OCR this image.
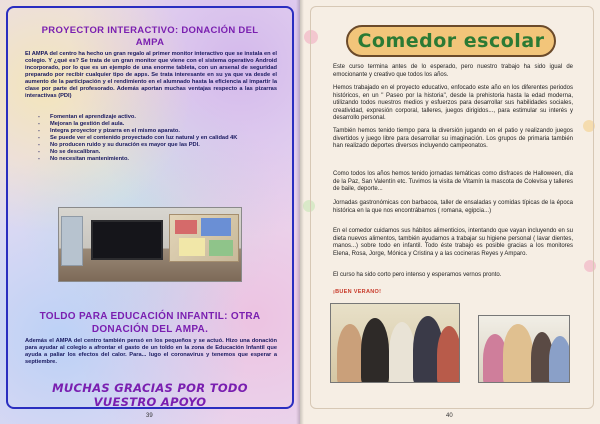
PROYECTOR INTERACTIVO: DONACIÓN DEL
AMPA
El AMPA del centro ha hecho un gran regalo al primer monitor interactivo que se instala en el colegio. Y ¿qué es? Se trata de un gran monitor que viene con el sistema operativo Android incorporado, por lo que es un ejemplo de una enorme tableta, con un arsenal de seguridad preparado por recibir cualquier tipo de apps. Se trata interesante en su ya que va desde el aumento de la participación y el rendimiento en el alumnado hasta la eficiencia al impartir la clase por parte del profesorado. Además aportan muchas ventajas respecto a las pizarras interactivas (PDI)
- Fomentan el aprendizaje activo.
- Mejoran la gestión del aula.
- Integra proyector y pizarra en el mismo aparato.
- Se puede ver el contenido proyectado con luz natural y en calidad 4K
- No producen ruido y su duración es mayor que las PDI.
- No se descalibran.
- No necesitan mantenimiento.
TOLDO PARA EDUCACIÓN INFANTIL: OTRA
DONACIÓN DEL AMPA.
Además el AMPA del centro también pensó en los pequeños y se actuó. Hizo una donación para ayudar al colegio a afrontar el gasto de un toldo en la zona de Educación Infantil que ayuda a paliar los efectos del calor. Para... lugo el coronavirus y tenemos que esperar a septiembre.
MUCHAS GRACIAS POR TODO VUESTRO APOYO
39
Comedor escolar
Este curso termina antes de lo esperado, pero nuestro trabajo ha sido igual de emocionante y creativo que todos los años.
Hemos trabajado en el proyecto educativo, enfocado este año en los diferentes periodos históricos, en un " Paseo por la historia", desde la prehistoria hasta la edad moderna, utilizando todos nuestros medios y esfuerzos para desarrollar sus habilidades sociales, creatividad, expresión corporal, talleres, juegos dirigidos..., para estimular su interés y desarrollo personal.
También hemos tenido tiempo para la diversión jugando en el patio y realizando juegos divertidos y juego libre para desarrollar su imaginación. Los grupos de primaria también han realizado deportes diversos incluyendo campeonatos.
Como todos los años hemos tenido jornadas temáticas como disfraces de Halloween, día de la Paz, San Valentín etc. Tuvimos la visita de Vitamín la mascota de Colevisa y talleres de baile, deporte...
Jornadas gastronómicas con barbacoa, taller de ensaladas y comidas típicas de la época histórica en la que nos encontrábamos ( romana, egipcia...)
En el comedor cuidamos sus hábitos alimenticios, intentando que vayan incluyendo en su dieta nuevos alimentos, también ayudamos a trabajar su higiene personal ( lavar dientes, manos...) sobre todo en infantil. Todo éste trabajo es posible gracias a los monitores Elena, Rosa, Jorge, Mónica y Cristina y a las cocineras Reyes y Amparo.
El curso ha sido corto pero intenso y esperamos vernos pronto.
¡BUEN VERANO!
40
